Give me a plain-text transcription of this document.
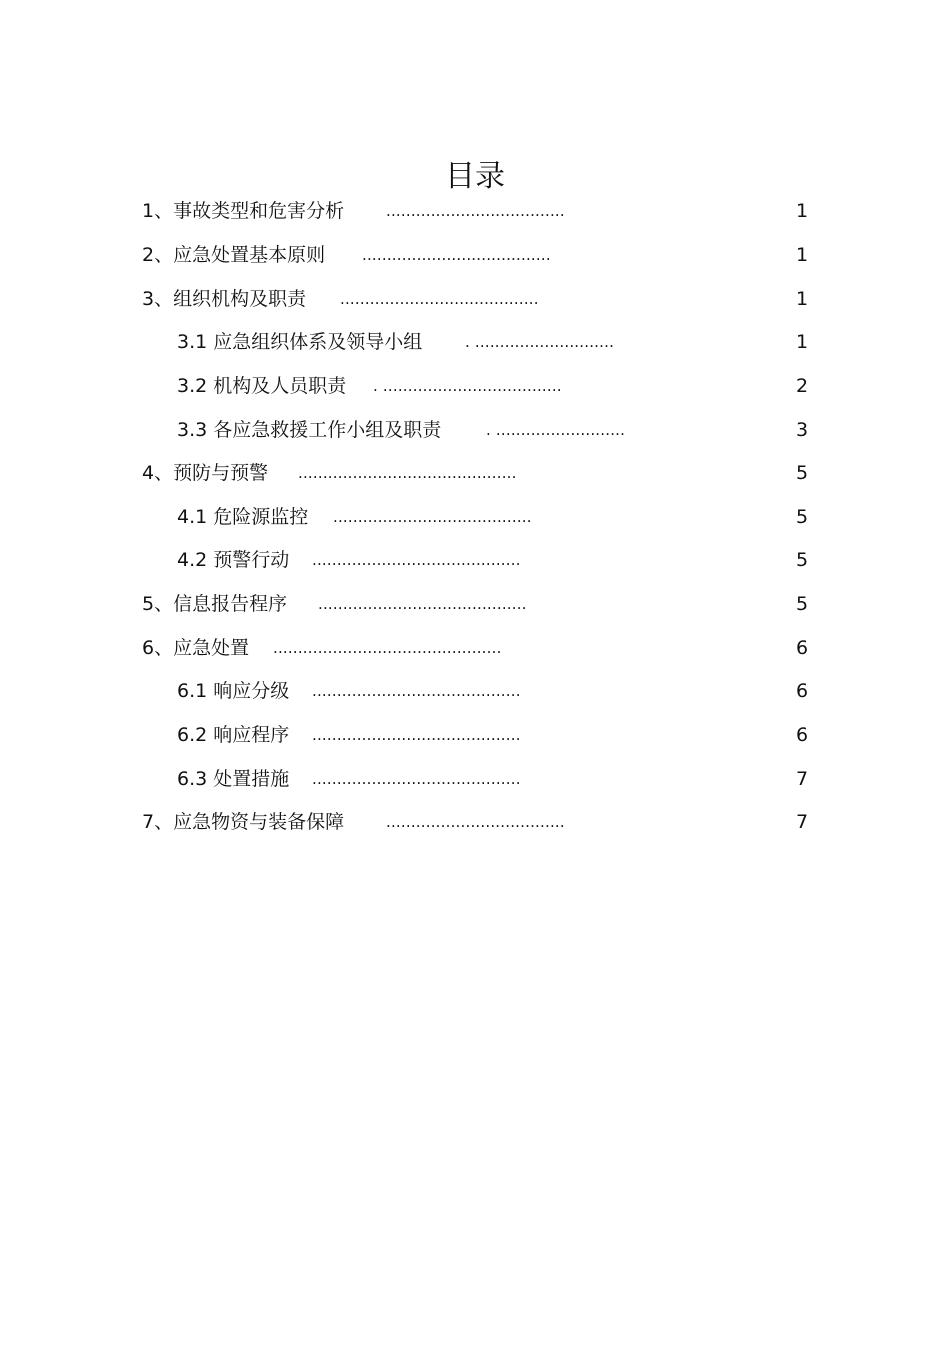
目录
1、事故类型和危害分析	....................................	1
2、应急处置基本原则 ......................................	1
3、组织机构及职责 ........................................	1
3.1 应急组织体系及领导小组	. ............................	1
3.2 机构及人员职责 . ....................................	2
3.3 各应急救援工作小组及职责	. ..........................	3
4、预防与预警 ............................................	5
4.1 危险源监控 ........................................	5
4.2 预警行动 ..........................................	5
5、信息报告程序 ..........................................	5
6、应急处置 ..............................................	6
6.1 响应分级 ..........................................	6
6.2 响应程序 ..........................................	6
6.3 处置措施 ..........................................	7
7、应急物资与装备保障	....................................	7
